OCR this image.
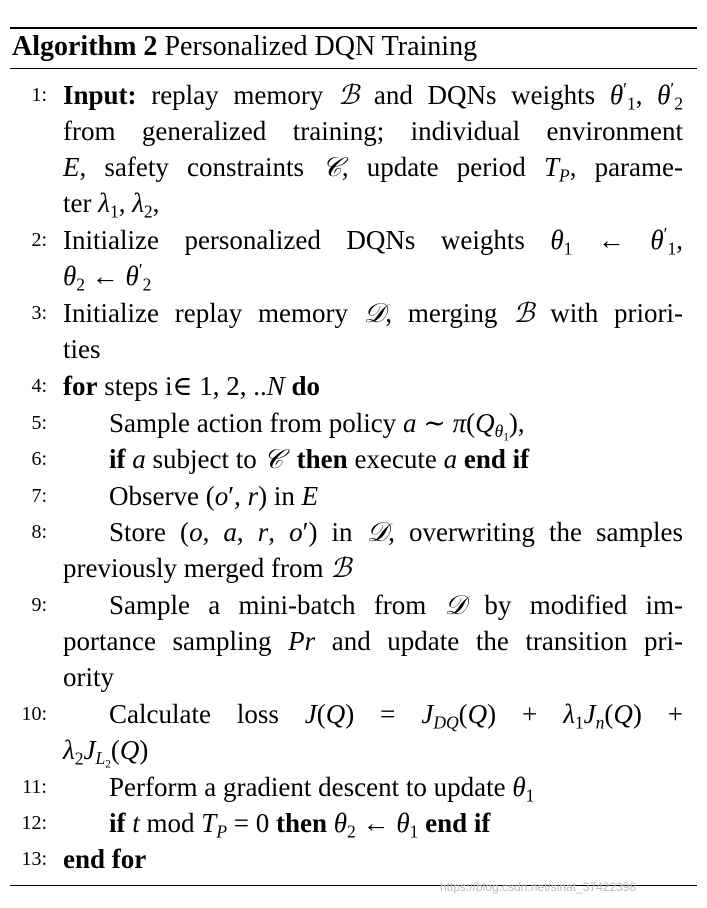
Algorithm 2 Personalized DQN Training
1: Input: replay memory ℬ and DQNs weights $\theta'_1$, $\theta'_2$
from generalized training; individual environment
E, safety constraints 𝒞, update period $T_P$, parame-
ter $\lambda_1$, $\lambda_2$,
2: Initialize personalized DQNs weights $\theta_1$ ← $\theta'_1$,
$\theta_2$ ← $\theta'_2$
3: Initialize replay memory 𝒟, merging ℬ with priori-
ties
4: for steps i∈ 1, 2, ..N do
5: Sample action from policy a ∼ $\pi(Q_{\theta_1})$,
6: if a subject to 𝒞 then execute a end if
7: Observe (o′, r) in E
8: Store (o, a, r, o′) in 𝒟, overwriting the samples
previously merged from ℬ
9: Sample a mini-batch from 𝒟 by modified im-
portance sampling Pr and update the transition pri-
ority
10: Calculate loss $J(Q) = J_{DQ}(Q) + \lambda_1J_n(Q)$ +
$\lambda_2J_{L_2}(Q)$
11: Perform a gradient descent to update $\theta_1$
12: if t mod $T_P = 0$ then $\theta_2$ ← $\theta_1$ end if
13: end for
https://blog.csdn.net/sinat_37422398
